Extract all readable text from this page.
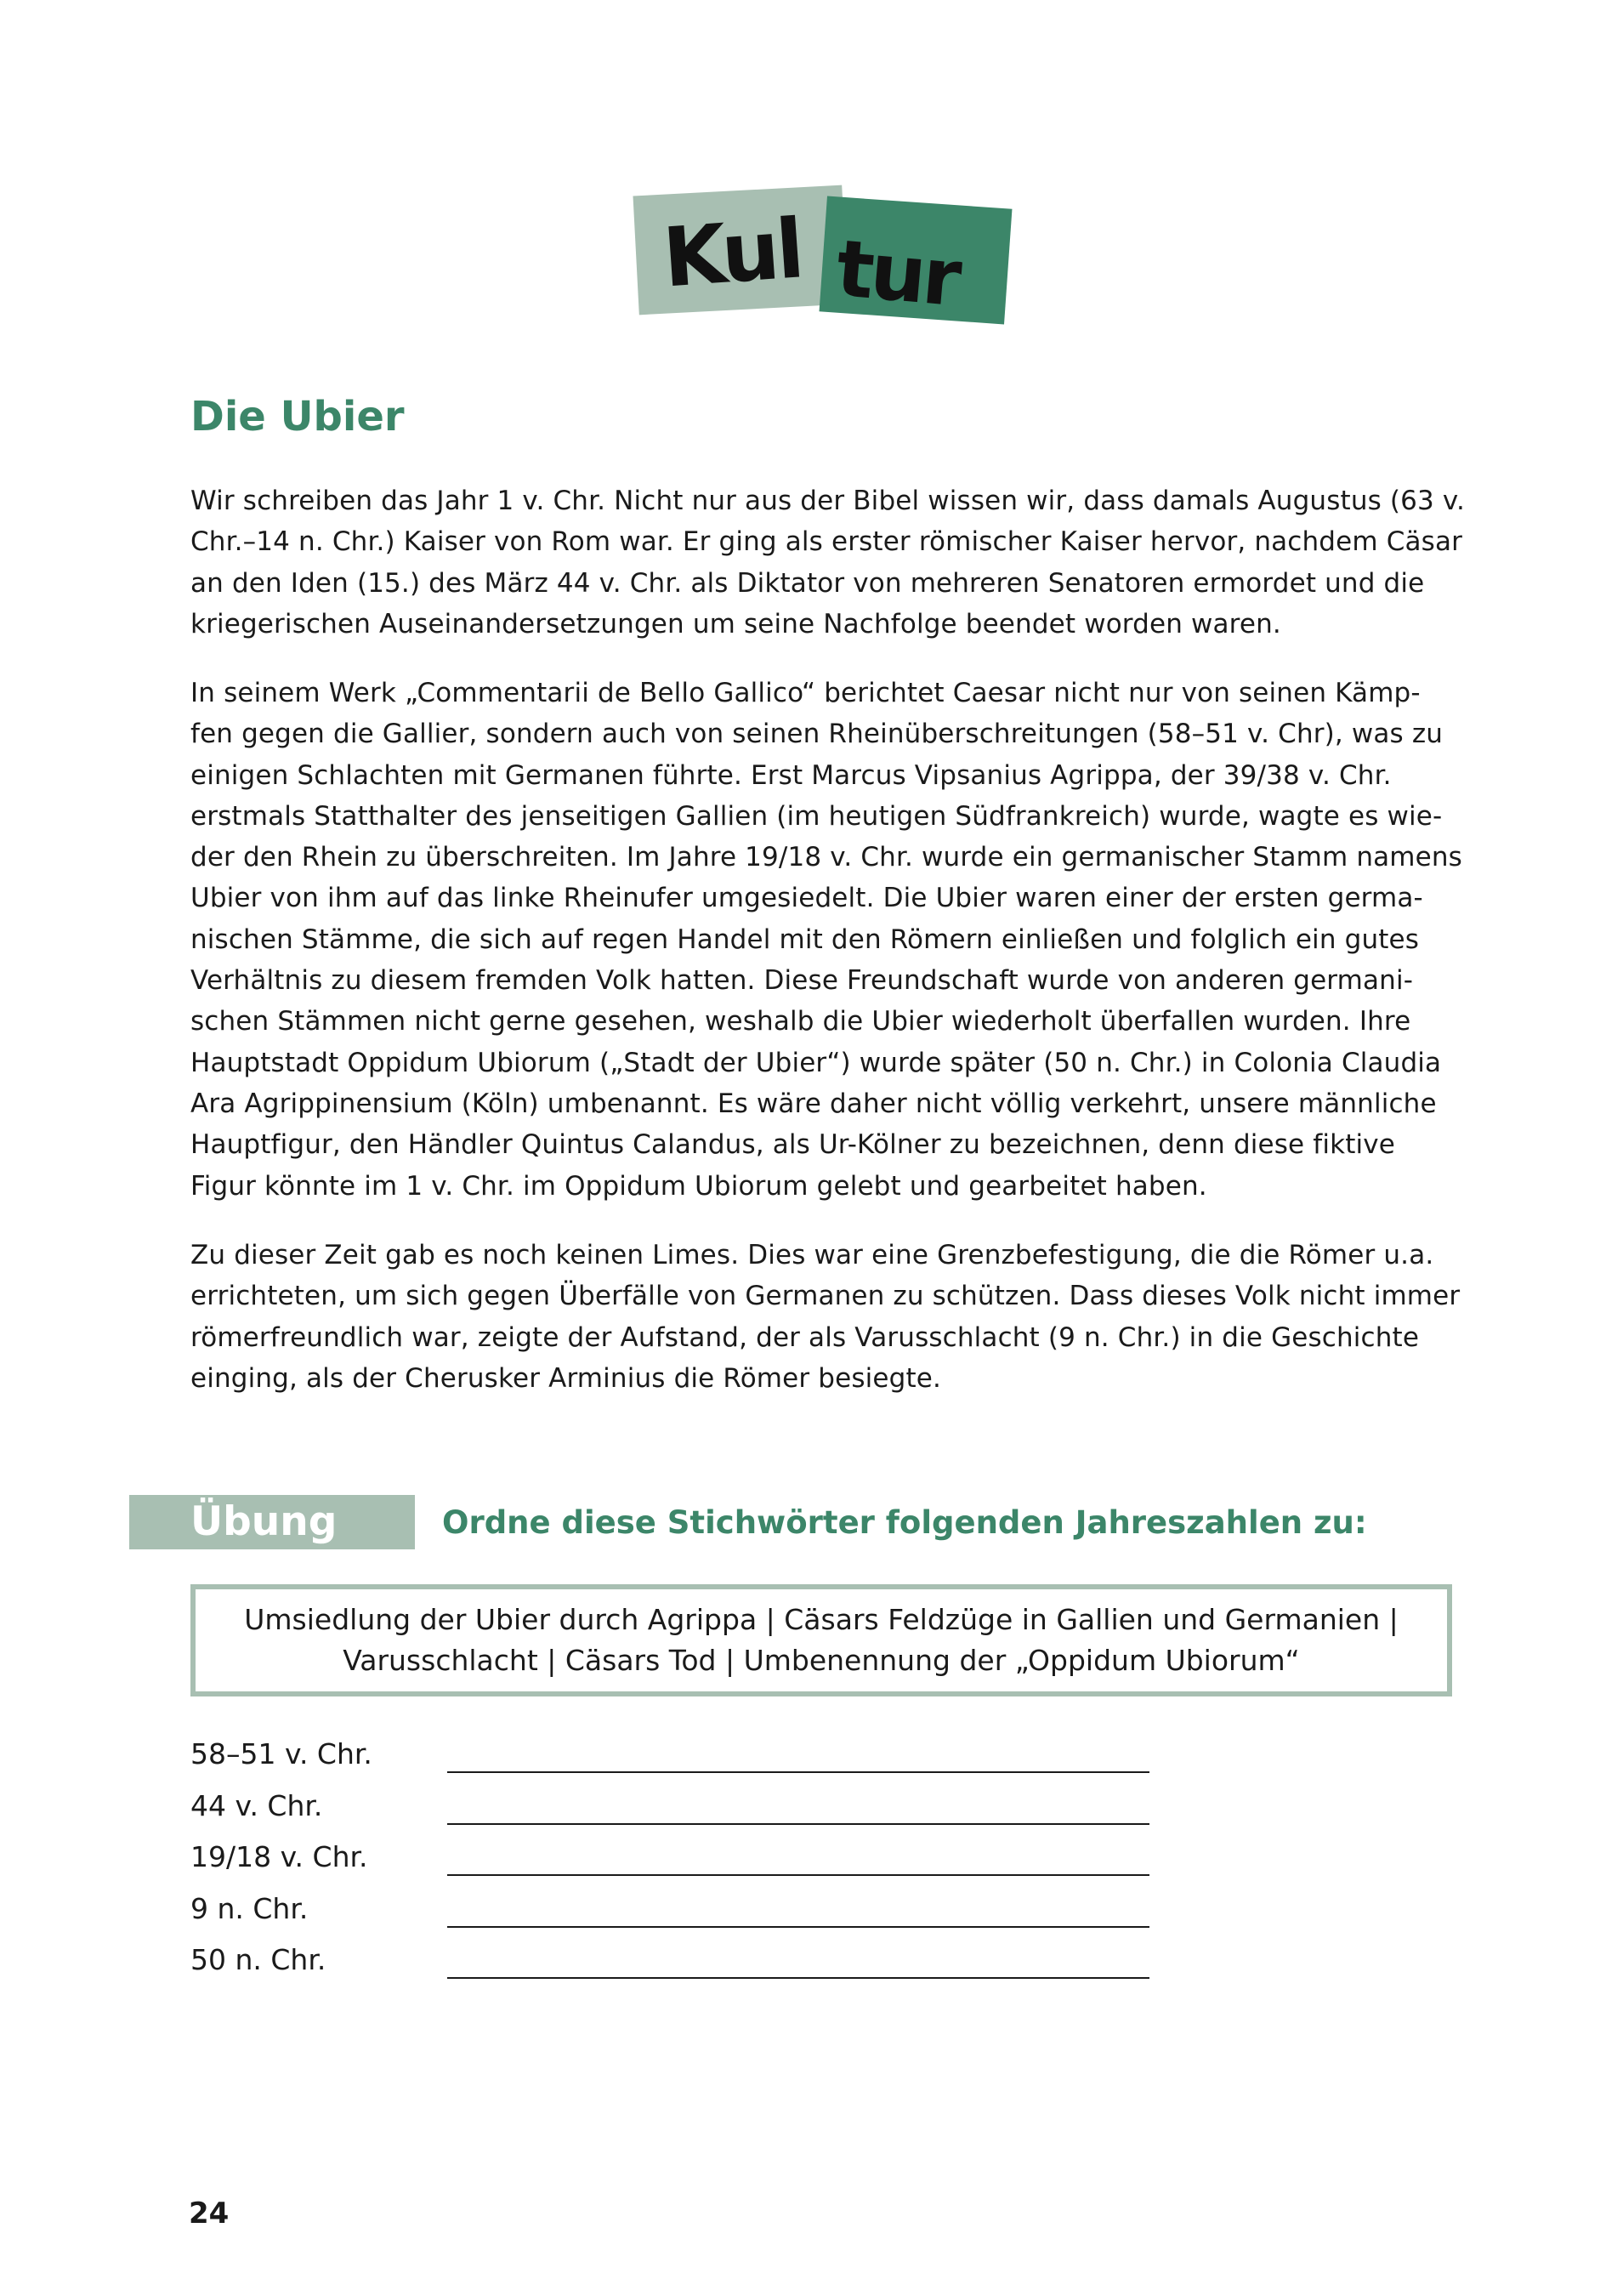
Kul tur
Die Ubier

Wir schreiben das Jahr 1 v. Chr. Nicht nur aus der Bibel wissen wir, dass damals Augustus (63 v.
Chr.–14 n. Chr.) Kaiser von Rom war. Er ging als erster römischer Kaiser hervor, nachdem Cäsar
an den Iden (15.) des März 44 v. Chr. als Diktator von mehreren Senatoren ermordet und die
kriegerischen Auseinandersetzungen um seine Nachfolge beendet worden waren.

In seinem Werk „Commentarii de Bello Gallico“ berichtet Caesar nicht nur von seinen Kämp-
fen gegen die Gallier, sondern auch von seinen Rheinüberschreitungen (58–51 v. Chr), was zu
einigen Schlachten mit Germanen führte. Erst Marcus Vipsanius Agrippa, der 39/38 v. Chr.
erstmals Statthalter des jenseitigen Gallien (im heutigen Südfrankreich) wurde, wagte es wie-
der den Rhein zu überschreiten. Im Jahre 19/18 v. Chr. wurde ein germanischer Stamm namens
Ubier von ihm auf das linke Rheinufer umgesiedelt. Die Ubier waren einer der ersten germa-
nischen Stämme, die sich auf regen Handel mit den Römern einließen und folglich ein gutes
Verhältnis zu diesem fremden Volk hatten. Diese Freundschaft wurde von anderen germani-
schen Stämmen nicht gerne gesehen, weshalb die Ubier wiederholt überfallen wurden. Ihre
Hauptstadt Oppidum Ubiorum („Stadt der Ubier“) wurde später (50 n. Chr.) in Colonia Claudia
Ara Agrippinensium (Köln) umbenannt. Es wäre daher nicht völlig verkehrt, unsere männliche
Hauptfigur, den Händler Quintus Calandus, als Ur-Kölner zu bezeichnen, denn diese fiktive
Figur könnte im 1 v. Chr. im Oppidum Ubiorum gelebt und gearbeitet haben.

Zu dieser Zeit gab es noch keinen Limes. Dies war eine Grenzbefestigung, die die Römer u.a.
errichteten, um sich gegen Überfälle von Germanen zu schützen. Dass dieses Volk nicht immer
römerfreundlich war, zeigte der Aufstand, der als Varusschlacht (9 n. Chr.) in die Geschichte
einging, als der Cherusker Arminius die Römer besiegte.

Übung 12:
Ordne diese Stichwörter folgenden Jahreszahlen zu:
Umsiedlung der Ubier durch Agrippa | Cäsars Feldzüge in Gallien und Germanien |
Varusschlacht | Cäsars Tod | Umbenennung der „Oppidum Ubiorum“
58–51 v. Chr.
44 v. Chr.
19/18 v. Chr.
9 n. Chr.
50 n. Chr.
24
